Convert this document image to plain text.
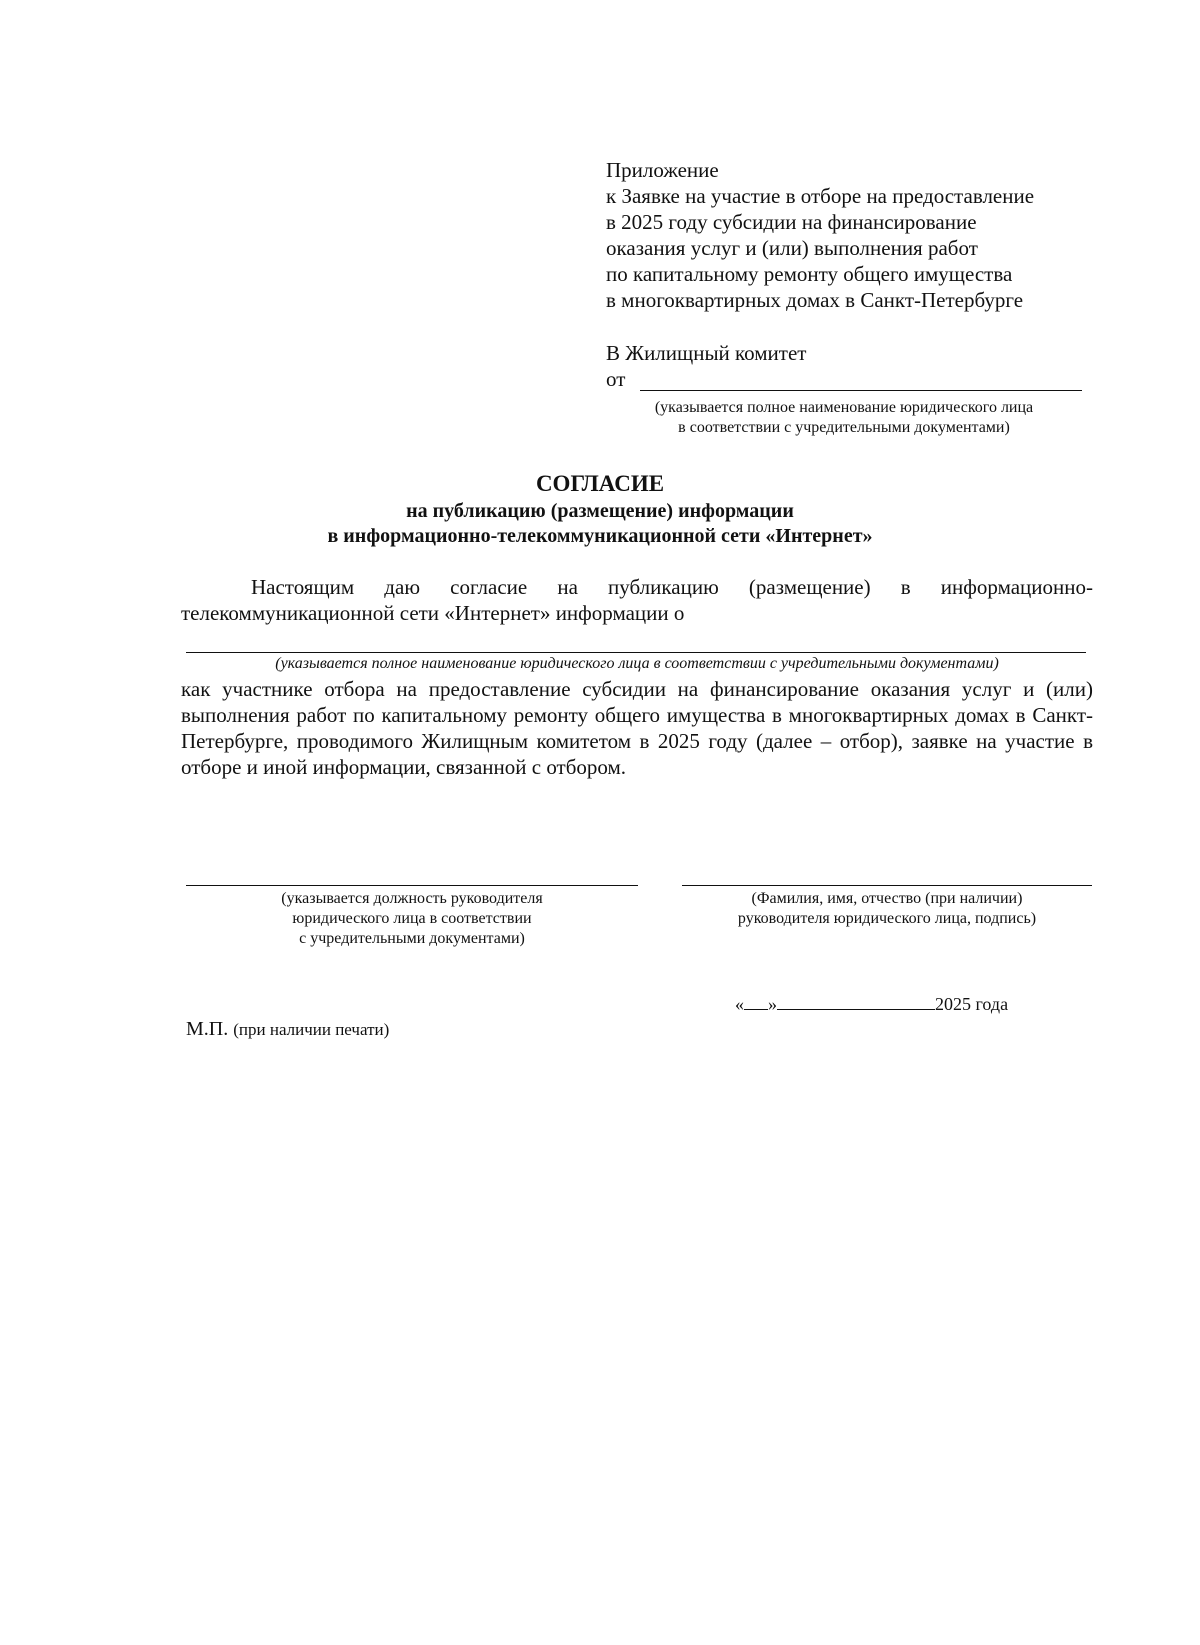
Приложение
к Заявке на участие в отборе на предоставление
в 2025 году субсидии на финансирование
оказания услуг и (или) выполнения работ
по капитальному ремонту общего имущества
в многоквартирных домах в Санкт-Петербурге
В Жилищный комитет
от
(указывается полное наименование юридического лица
в соответствии с учредительными документами)
СОГЛАСИЕ
на публикацию (размещение) информации
в информационно-телекоммуникационной сети «Интернет»
Настоящим даю согласие на публикацию (размещение) в информационно-телекоммуникационной сети «Интернет» информации о
(указывается полное наименование юридического лица в соответствии с учредительными документами)
как участнике отбора на предоставление субсидии на финансирование оказания услуг и (или) выполнения работ по капитальному ремонту общего имущества в многоквартирных домах в Санкт-Петербурге, проводимого Жилищным комитетом в 2025 году (далее – отбор), заявке на участие в отборе и иной информации, связанной с отбором.
(указывается должность руководителя
юридического лица в соответствии
с учредительными документами)
(Фамилия, имя, отчество (при наличии)
руководителя юридического лица, подпись)
« »	2025 года
М.П. (при наличии печати)
